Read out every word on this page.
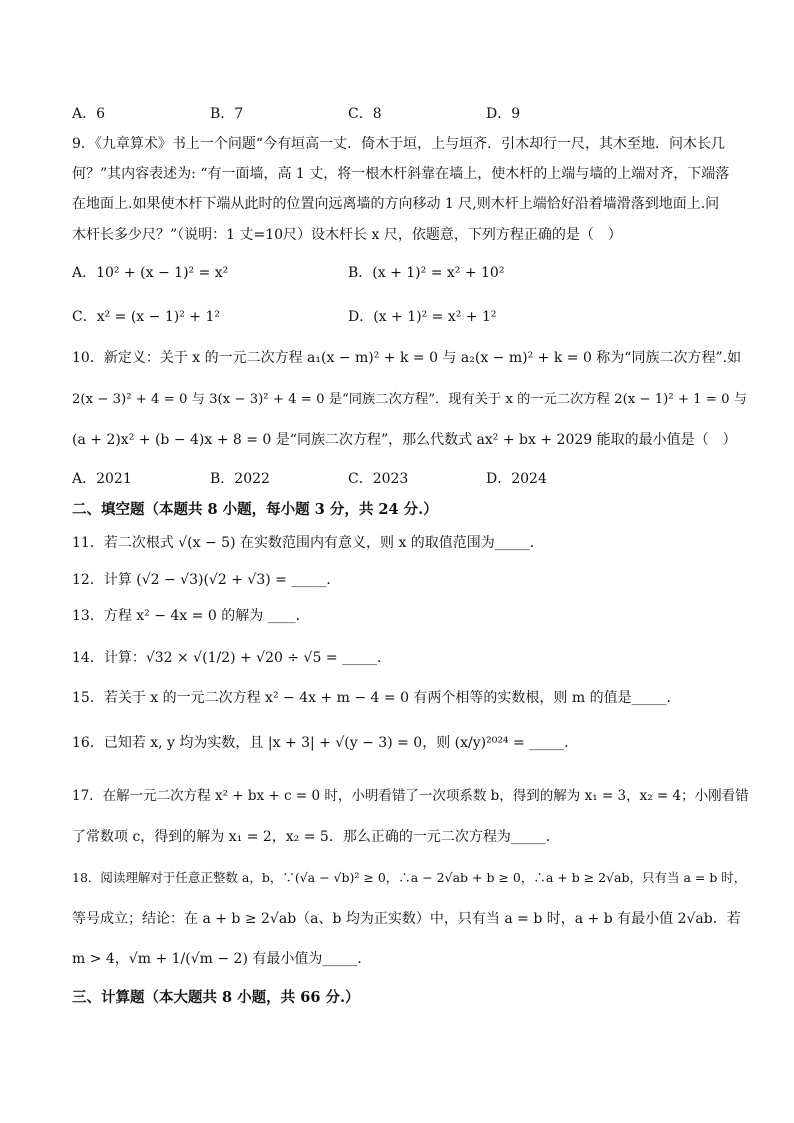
A．6	B．7	C．8	D．9
9．《九章算术》书上一个问题“今有垣高一丈．倚木于垣，上与垣齐．引木却行一尺，其木至地．问木长几
何？”其内容表述为: “有一面墙，高 1 丈，将一根木杆斜靠在墙上，使木杆的上端与墙的上端对齐，下端落
在地面上.如果使木杆下端从此时的位置向远离墙的方向移动 1 尺,则木杆上端恰好沿着墙滑落到地面上.问
木杆长多少尺？”（说明：1 丈=10尺）设木杆长 x 尺，依题意，下列方程正确的是（　）
A．10² + (x − 1)² = x²	B．(x + 1)² = x² + 10²
C．x² = (x − 1)² + 1²	D．(x + 1)² = x² + 1²
10．新定义：关于 x 的一元二次方程 a₁(x − m)² + k = 0 与 a₂(x − m)² + k = 0 称为“同族二次方程”.如
2(x − 3)² + 4 = 0 与 3(x − 3)² + 4 = 0 是“同族二次方程”．现有关于 x 的一元二次方程 2(x − 1)² + 1 = 0 与
(a + 2)x² + (b − 4)x + 8 = 0 是“同族二次方程”，那么代数式 ax² + bx + 2029 能取的最小值是（　）
A．2021	B．2022	C．2023	D．2024
二、填空题（本题共 8 小题，每小题 3 分，共 24 分.）
11．若二次根式 √(x − 5) 在实数范围内有意义，则 x 的取值范围为_____．
12．计算 (√2 − √3)(√2 + √3) = _____．
13．方程 x² − 4x = 0 的解为 ____．
14．计算：√32 × √(1/2) + √20 ÷ √5 = _____．
15．若关于 x 的一元二次方程 x² − 4x + m − 4 = 0 有两个相等的实数根，则 m 的值是_____．
16．已知若 x, y 均为实数，且 |x + 3| + √(y − 3) = 0，则 (x/y)²⁰²⁴ = _____．
17．在解一元二次方程 x² + bx + c = 0 时，小明看错了一次项系数 b，得到的解为 x₁ = 3，x₂ = 4；小刚看错
了常数项 c，得到的解为 x₁ = 2，x₂ = 5．那么正确的一元二次方程为_____．
18．阅读理解对于任意正整数 a，b，∵(√a − √b)² ≥ 0，∴a − 2√ab + b ≥ 0，∴a + b ≥ 2√ab，只有当 a = b 时，
等号成立；结论：在 a + b ≥ 2√ab（a、b 均为正实数）中，只有当 a = b 时，a + b 有最小值 2√ab．若
m > 4，√m + 1/(√m − 2) 有最小值为_____．
三、计算题（本大题共 8 小题，共 66 分.）
